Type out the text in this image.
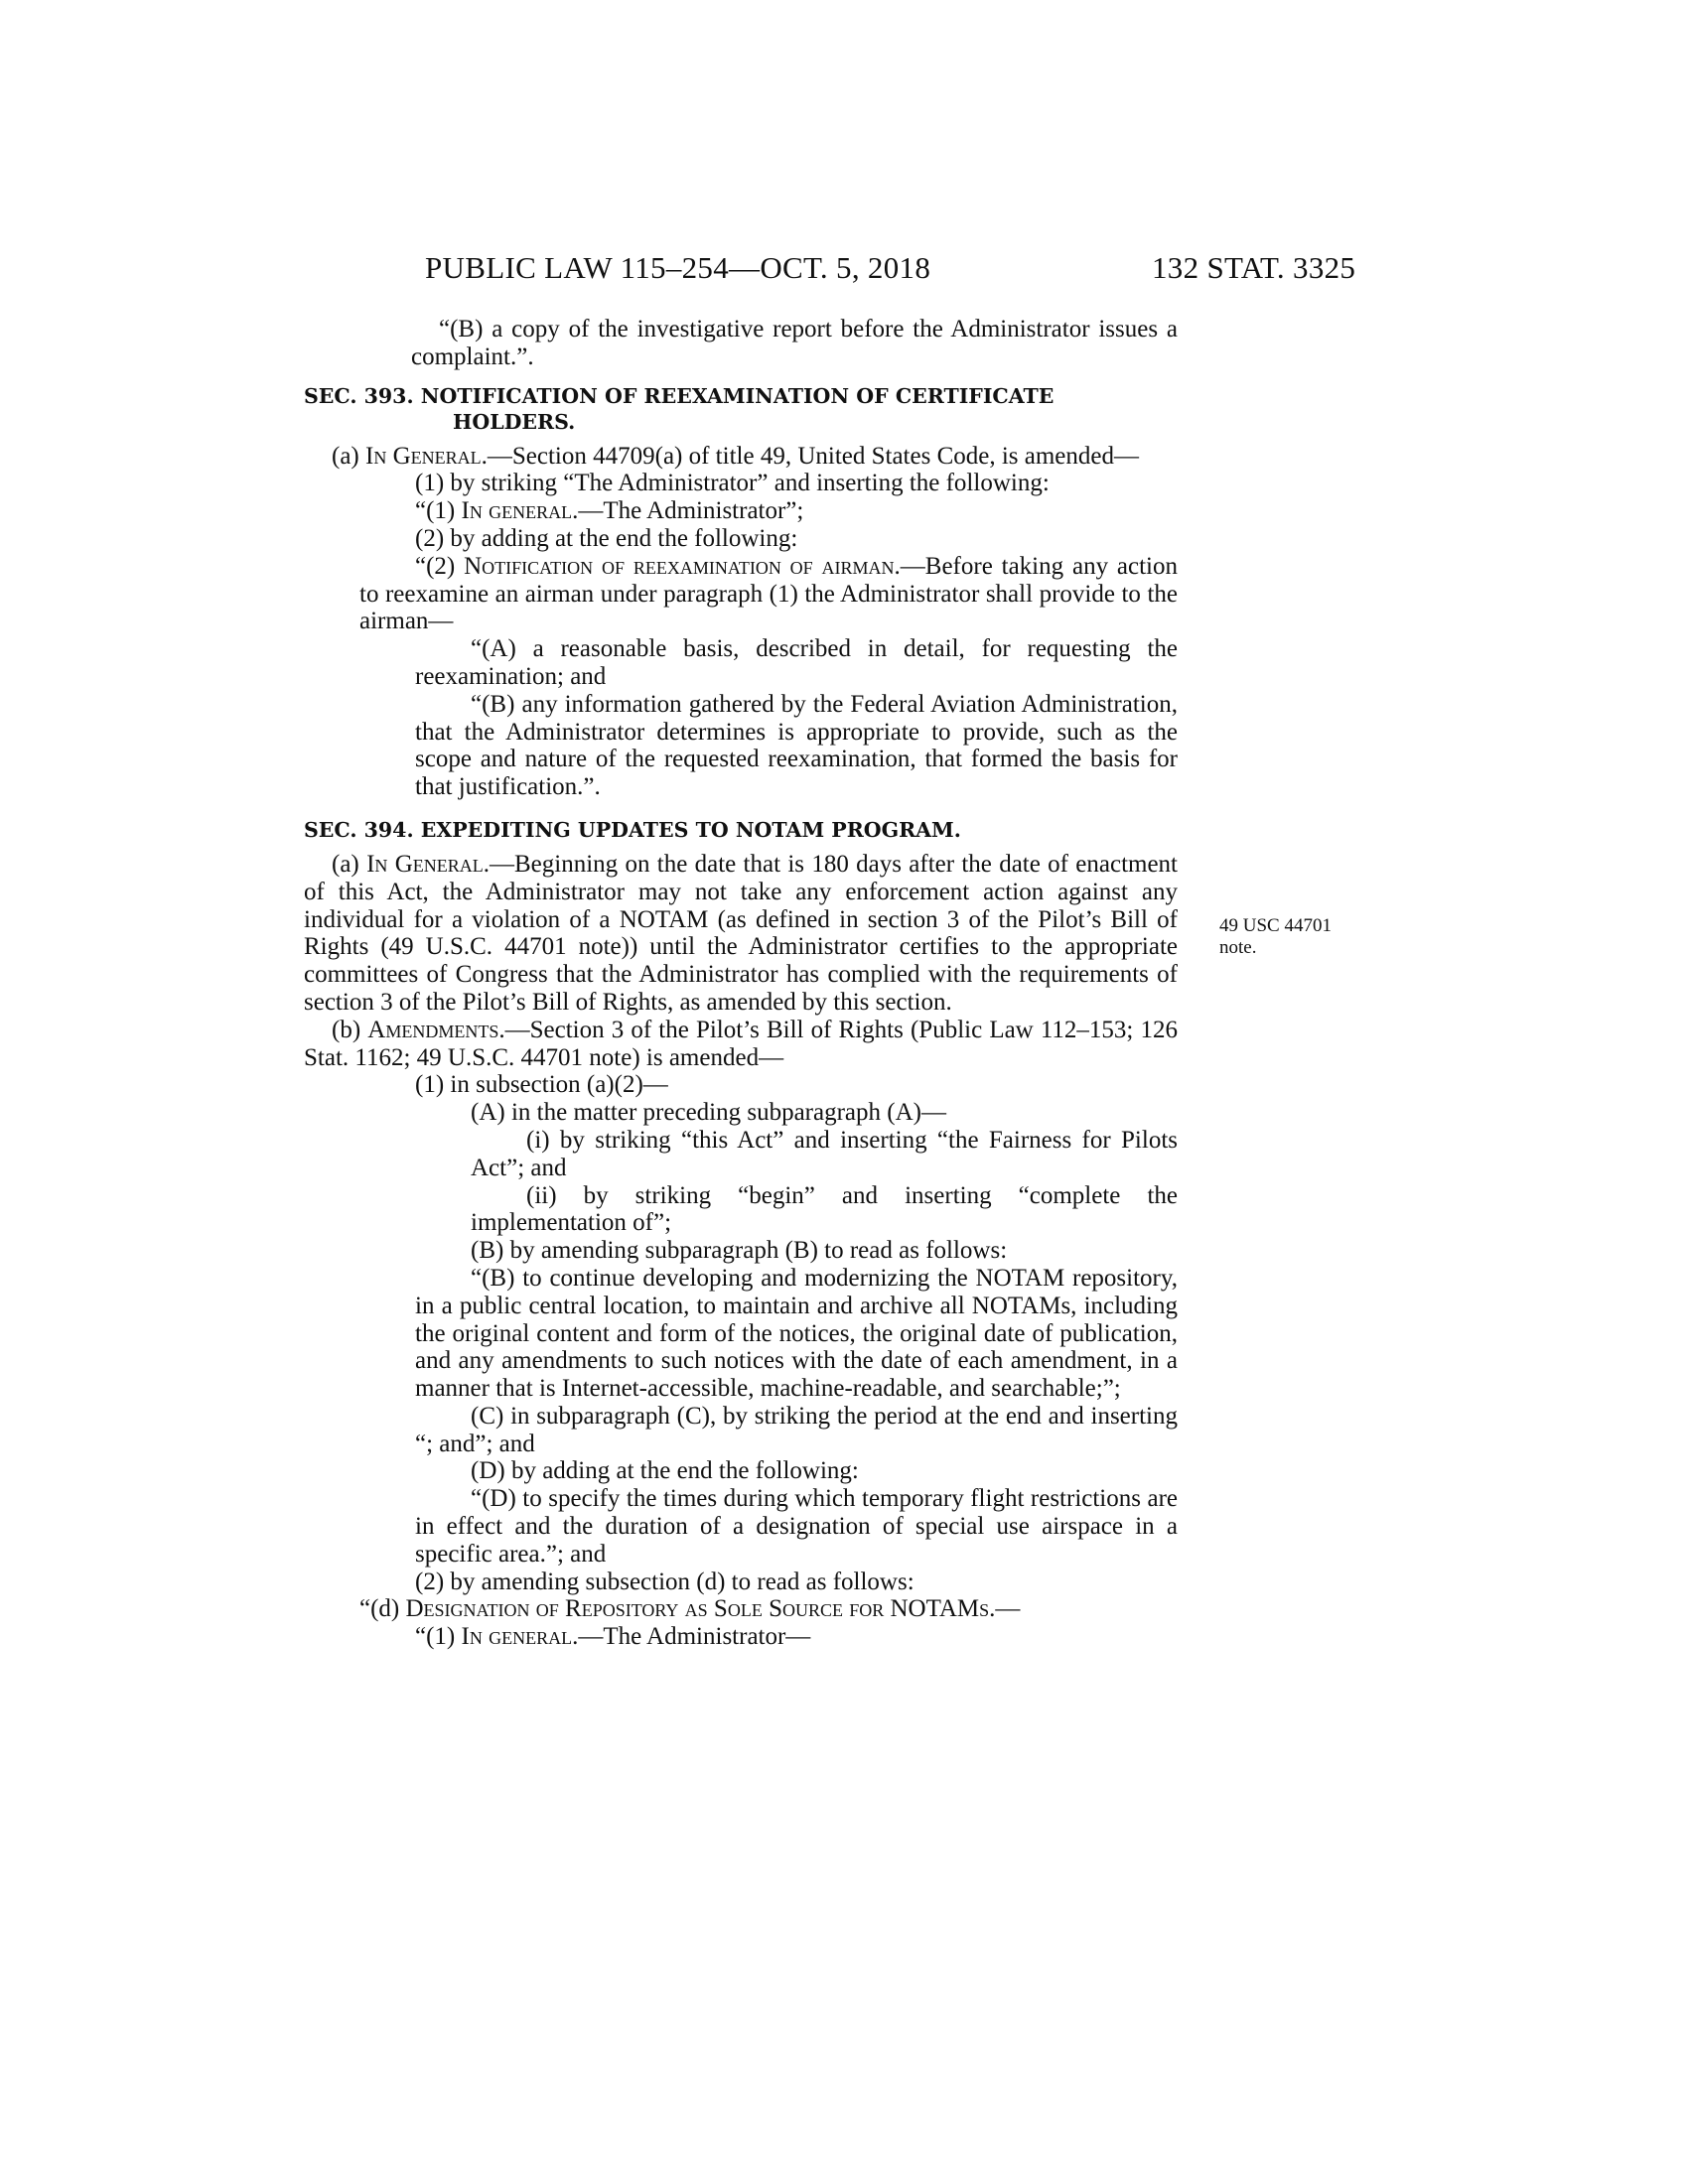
PUBLIC LAW 115–254—OCT. 5, 2018	132 STAT. 3325
49 USC 44701
note.

“(B) a copy of the investigative report before the Administrator issues a complaint.”.

SEC. 393. NOTIFICATION OF REEXAMINATION OF CERTIFICATE
HOLDERS.

(a) In General.—Section 44709(a) of title 49, United States Code, is amended—

(1) by striking “The Administrator” and inserting the following:

“(1) In general.—The Administrator”;

(2) by adding at the end the following:

“(2) Notification of reexamination of airman.—Before taking any action to reexamine an airman under paragraph (1) the Administrator shall provide to the airman—

“(A) a reasonable basis, described in detail, for requesting the reexamination; and

“(B) any information gathered by the Federal Aviation Administration, that the Administrator determines is appropriate to provide, such as the scope and nature of the requested reexamination, that formed the basis for that justification.”.

SEC. 394. EXPEDITING UPDATES TO NOTAM PROGRAM.

(a) In General.—Beginning on the date that is 180 days after the date of enactment of this Act, the Administrator may not take any enforcement action against any individual for a violation of a NOTAM (as defined in section 3 of the Pilot’s Bill of Rights (49 U.S.C. 44701 note)) until the Administrator certifies to the appropriate committees of Congress that the Administrator has complied with the requirements of section 3 of the Pilot’s Bill of Rights, as amended by this section.

(b) Amendments.—Section 3 of the Pilot’s Bill of Rights (Public Law 112–153; 126 Stat. 1162; 49 U.S.C. 44701 note) is amended—

(1) in subsection (a)(2)—

(A) in the matter preceding subparagraph (A)—

(i) by striking “this Act” and inserting “the Fairness for Pilots Act”; and

(ii) by striking “begin” and inserting “complete the implementation of”;

(B) by amending subparagraph (B) to read as follows:

“(B) to continue developing and modernizing the NOTAM repository, in a public central location, to maintain and archive all NOTAMs, including the original content and form of the notices, the original date of publication, and any amendments to such notices with the date of each amendment, in a manner that is Internet-accessible, machine-readable, and searchable;”;

(C) in subparagraph (C), by striking the period at the end and inserting “; and”; and

(D) by adding at the end the following:

“(D) to specify the times during which temporary flight restrictions are in effect and the duration of a designation of special use airspace in a specific area.”; and

(2) by amending subsection (d) to read as follows:

“(d) Designation of Repository as Sole Source for NOTAMs.—

“(1) In general.—The Administrator—
